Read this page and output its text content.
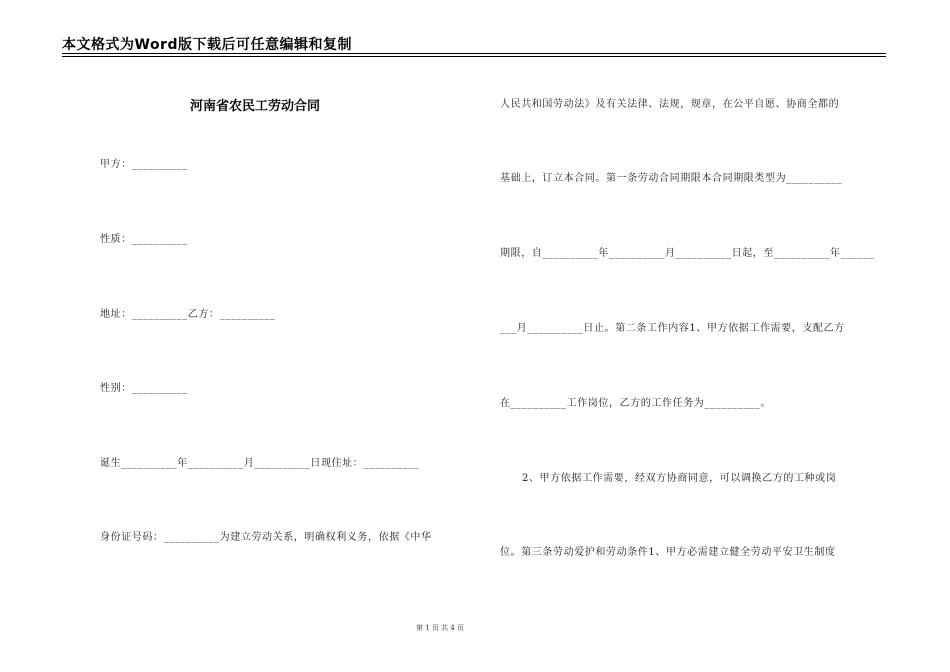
本文格式为Word版下载后可任意编辑和复制
河南省农民工劳动合同
甲方：__________
性质：__________
地址：__________乙方：__________
性别：__________
诞生__________年__________月__________日现住址：__________
身份证号码：__________为建立劳动关系，明确权利义务，依据《中华
人民共和国劳动法》及有关法律、法规，规章，在公平自愿、协商全都的
基础上，订立本合同。第一条劳动合同期限本合同期限类型为__________
期限，自__________年__________月__________日起，至__________年______
___月__________日止。第二条工作内容1、甲方依据工作需要，支配乙方
在__________工作岗位，乙方的工作任务为__________。
2、甲方依据工作需要，经双方协商同意，可以调换乙方的工种或岗
位。第三条劳动爱护和劳动条件1、甲方必需建立健全劳动平安卫生制度
第 1 页 共 4 页
